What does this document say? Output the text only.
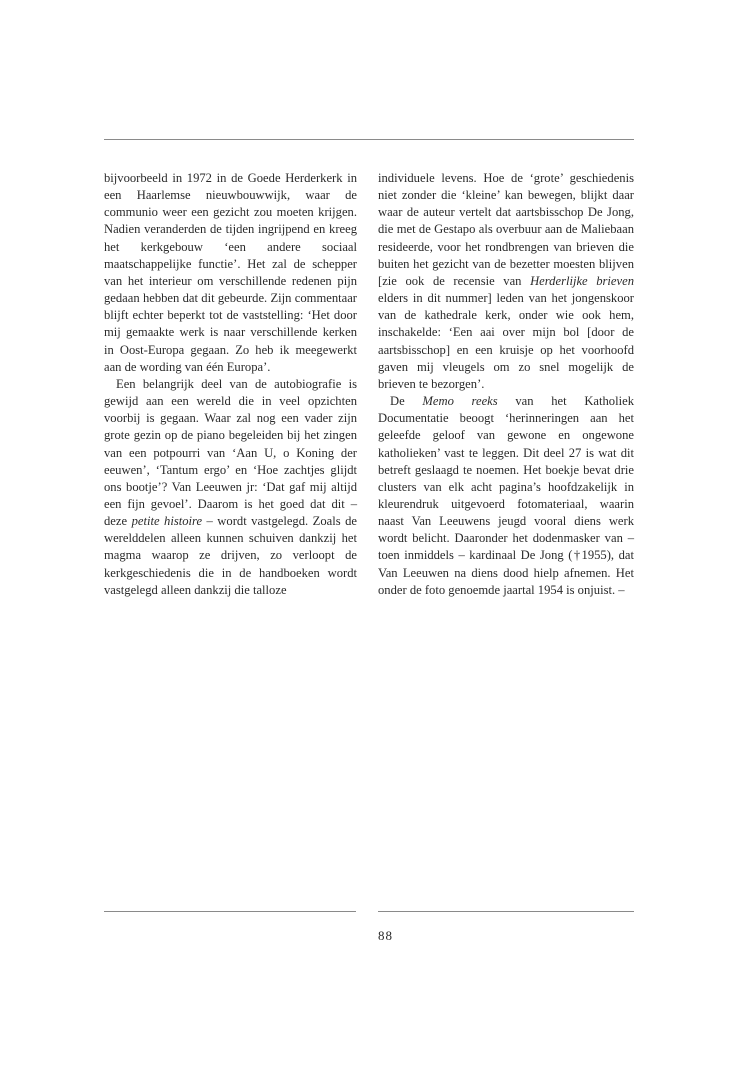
bijvoorbeeld in 1972 in de Goede Herderkerk in een Haarlemse nieuwbouwwijk, waar de communio weer een gezicht zou moeten krijgen. Nadien veranderden de tijden ingrijpend en kreeg het kerkgebouw ‘een andere sociaal maatschappelijke functie’. Het zal de schepper van het interieur om verschillende redenen pijn gedaan hebben dat dit gebeurde. Zijn commentaar blijft echter beperkt tot de vaststelling: ‘Het door mij gemaakte werk is naar verschillende kerken in Oost-Europa gegaan. Zo heb ik meegewerkt aan de wording van één Europa’.

Een belangrijk deel van de autobiografie is gewijd aan een wereld die in veel opzichten voorbij is gegaan. Waar zal nog een vader zijn grote gezin op de piano begeleiden bij het zingen van een potpourri van ‘Aan U, o Koning der eeuwen’, ‘Tantum ergo’ en ‘Hoe zachtjes glijdt ons bootje’? Van Leeuwen jr: ‘Dat gaf mij altijd een fijn gevoel’. Daarom is het goed dat dit – deze petite histoire – wordt vastgelegd. Zoals de werelddelen alleen kunnen schuiven dankzij het magma waarop ze drijven, zo verloopt de kerkgeschiedenis die in de handboeken wordt vastgelegd alleen dankzij die talloze

individuele levens. Hoe de ‘grote’ geschiedenis niet zonder die ‘kleine’ kan bewegen, blijkt daar waar de auteur vertelt dat aartsbisschop De Jong, die met de Gestapo als overbuur aan de Maliebaan resideerde, voor het rondbrengen van brieven die buiten het gezicht van de bezetter moesten blijven [zie ook de recensie van Herderlijke brieven elders in dit nummer] leden van het jongenskoor van de kathedrale kerk, onder wie ook hem, inschakelde: ‘Een aai over mijn bol [door de aartsbisschop] en een kruisje op het voorhoofd gaven mij vleugels om zo snel mogelijk de brieven te bezorgen’.

De Memo reeks van het Katholiek Documentatie beoogt ‘herinneringen aan het geleefde geloof van gewone en ongewone katholieken’ vast te leggen. Dit deel 27 is wat dit betreft geslaagd te noemen. Het boekje bevat drie clusters van elk acht pagina’s hoofdzakelijk in kleurendruk uitgevoerd fotomateriaal, waarin naast Van Leeuwens jeugd vooral diens werk wordt belicht. Daaronder het dodenmasker van – toen inmiddels – kardinaal De Jong (†1955), dat Van Leeuwen na diens dood hielp afnemen. Het onder de foto genoemde jaartal 1954 is onjuist. –

88
